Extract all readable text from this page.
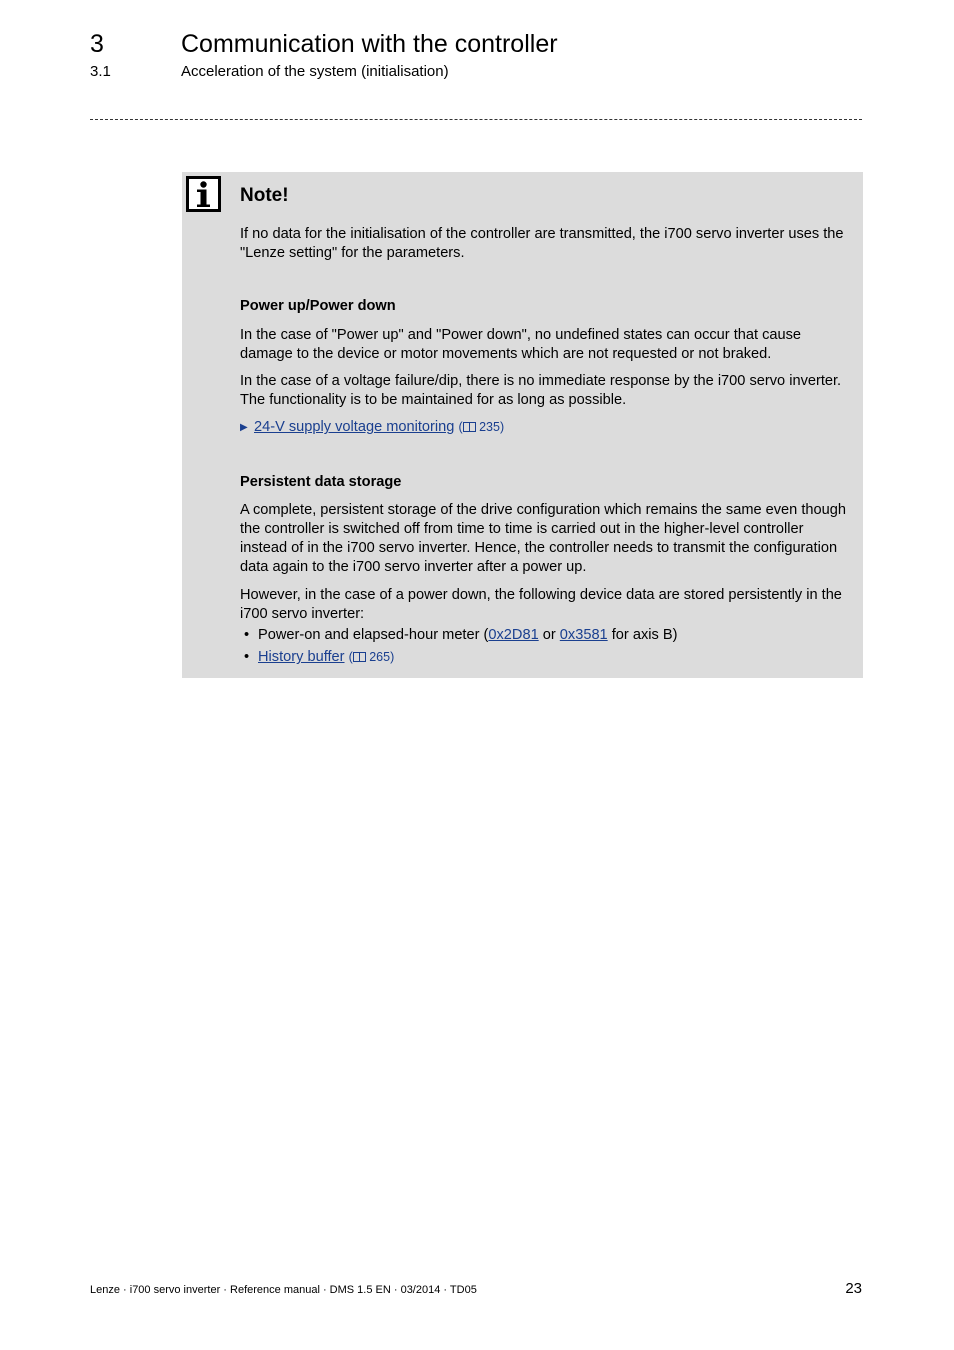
3	Communication with the controller
3.1	Acceleration of the system (initialisation)
Note!

If no data for the initialisation of the controller are transmitted, the i700 servo inverter uses the "Lenze setting" for the parameters.

Power up/Power down

In the case of "Power up" and "Power down", no undefined states can occur that cause damage to the device or motor movements which are not requested or not braked.

In the case of a voltage failure/dip, there is no immediate response by the i700 servo inverter. The functionality is to be maintained for as long as possible.

▶ 24-V supply voltage monitoring ( 235)
Persistent data storage

A complete, persistent storage of the drive configuration which remains the same even though the controller is switched off from time to time is carried out in the higher-level controller instead of in the i700 servo inverter. Hence, the controller needs to transmit the configuration data again to the i700 servo inverter after a power up.

However, in the case of a power down, the following device data are stored persistently in the i700 servo inverter:

• Power-on and elapsed-hour meter (0x2D81 or 0x3581 for axis B)
• History buffer ( 265)
Lenze · i700 servo inverter · Reference manual · DMS 1.5 EN · 03/2014 · TD05	23
